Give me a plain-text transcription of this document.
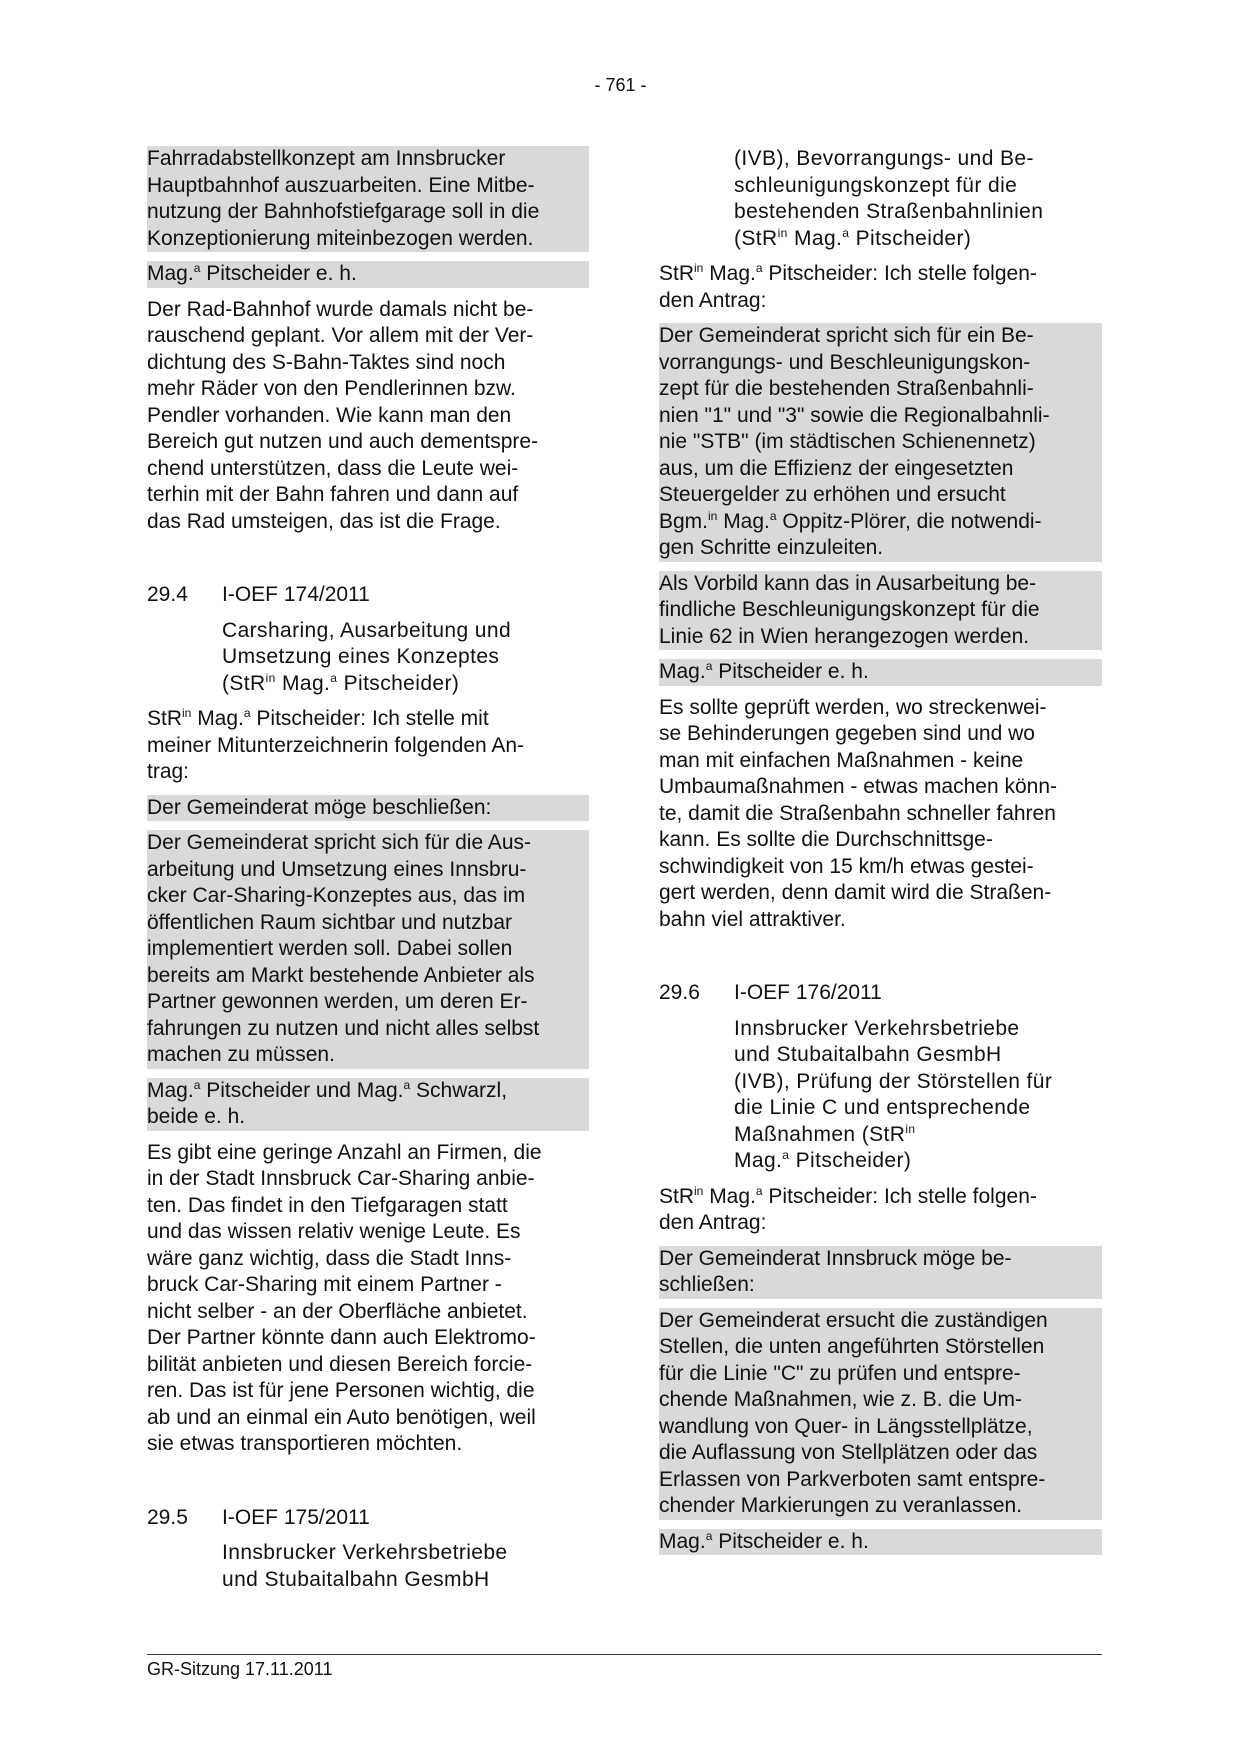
- 761 -

Fahrradabstellkonzept am Innsbrucker
Hauptbahnhof auszuarbeiten. Eine Mitbe-
nutzung der Bahnhofstiefgarage soll in die
Konzeptionierung miteinbezogen werden.

Mag.$^a$ Pitscheider e. h.

Der Rad-Bahnhof wurde damals nicht be-
rauschend geplant. Vor allem mit der Ver-
dichtung des S-Bahn-Taktes sind noch
mehr Räder von den Pendlerinnen bzw.
Pendler vorhanden. Wie kann man den
Bereich gut nutzen und auch dementspre-
chend unterstützen, dass die Leute wei-
terhin mit der Bahn fahren und dann auf
das Rad umsteigen, das ist die Frage.

29.4	I-OEF 174/2011
Carsharing, Ausarbeitung und
Umsetzung eines Konzeptes
(StR$^{in}$ Mag.$^a$ Pitscheider)

StR$^{in}$ Mag.$^a$ Pitscheider: Ich stelle mit
meiner Mitunterzeichnerin folgenden An-
trag:

Der Gemeinderat möge beschließen:

Der Gemeinderat spricht sich für die Aus-
arbeitung und Umsetzung eines Innsbru-
cker Car-Sharing-Konzeptes aus, das im
öffentlichen Raum sichtbar und nutzbar
implementiert werden soll. Dabei sollen
bereits am Markt bestehende Anbieter als
Partner gewonnen werden, um deren Er-
fahrungen zu nutzen und nicht alles selbst
machen zu müssen.

Mag.$^a$ Pitscheider und Mag.$^a$ Schwarzl,
beide e. h.

Es gibt eine geringe Anzahl an Firmen, die
in der Stadt Innsbruck Car-Sharing anbie-
ten. Das findet in den Tiefgaragen statt
und das wissen relativ wenige Leute. Es
wäre ganz wichtig, dass die Stadt Inns-
bruck Car-Sharing mit einem Partner -
nicht selber - an der Oberfläche anbietet.
Der Partner könnte dann auch Elektromo-
bilität anbieten und diesen Bereich forcie-
ren. Das ist für jene Personen wichtig, die
ab und an einmal ein Auto benötigen, weil
sie etwas transportieren möchten.

29.5	I-OEF 175/2011
Innsbrucker Verkehrsbetriebe
und Stubaitalbahn GesmbH
(IVB), Bevorrangungs- und Be-
schleunigungskonzept für die
bestehenden Straßenbahnlinien
(StR$^{in}$ Mag.$^a$ Pitscheider)

StR$^{in}$ Mag.$^a$ Pitscheider: Ich stelle folgen-
den Antrag:

Der Gemeinderat spricht sich für ein Be-
vorrangungs- und Beschleunigungskon-
zept für die bestehenden Straßenbahnli-
nien "1" und "3" sowie die Regionalbahnli-
nie "STB" (im städtischen Schienennetz)
aus, um die Effizienz der eingesetzten
Steuergelder zu erhöhen und ersucht
Bgm.$^{in}$ Mag.$^a$ Oppitz-Plörer, die notwendi-
gen Schritte einzuleiten.

Als Vorbild kann das in Ausarbeitung be-
findliche Beschleunigungskonzept für die
Linie 62 in Wien herangezogen werden.

Mag.$^a$ Pitscheider e. h.

Es sollte geprüft werden, wo streckenwei-
se Behinderungen gegeben sind und wo
man mit einfachen Maßnahmen - keine
Umbaumaßnahmen - etwas machen könn-
te, damit die Straßenbahn schneller fahren
kann. Es sollte die Durchschnittsge-
schwindigkeit von 15 km/h etwas gestei-
gert werden, denn damit wird die Straßen-
bahn viel attraktiver.

29.6	I-OEF 176/2011
Innsbrucker Verkehrsbetriebe
und Stubaitalbahn GesmbH
(IVB), Prüfung der Störstellen für
die Linie C und entsprechende
Maßnahmen (StR$^{in}$
Mag.$^a$ Pitscheider)

StR$^{in}$ Mag.$^a$ Pitscheider: Ich stelle folgen-
den Antrag:

Der Gemeinderat Innsbruck möge be-
schließen:

Der Gemeinderat ersucht die zuständigen
Stellen, die unten angeführten Störstellen
für die Linie "C" zu prüfen und entspre-
chende Maßnahmen, wie z. B. die Um-
wandlung von Quer- in Längsstellplätze,
die Auflassung von Stellplätzen oder das
Erlassen von Parkverboten samt entspre-
chender Markierungen zu veranlassen.

Mag.$^a$ Pitscheider e. h.

GR-Sitzung 17.11.2011
